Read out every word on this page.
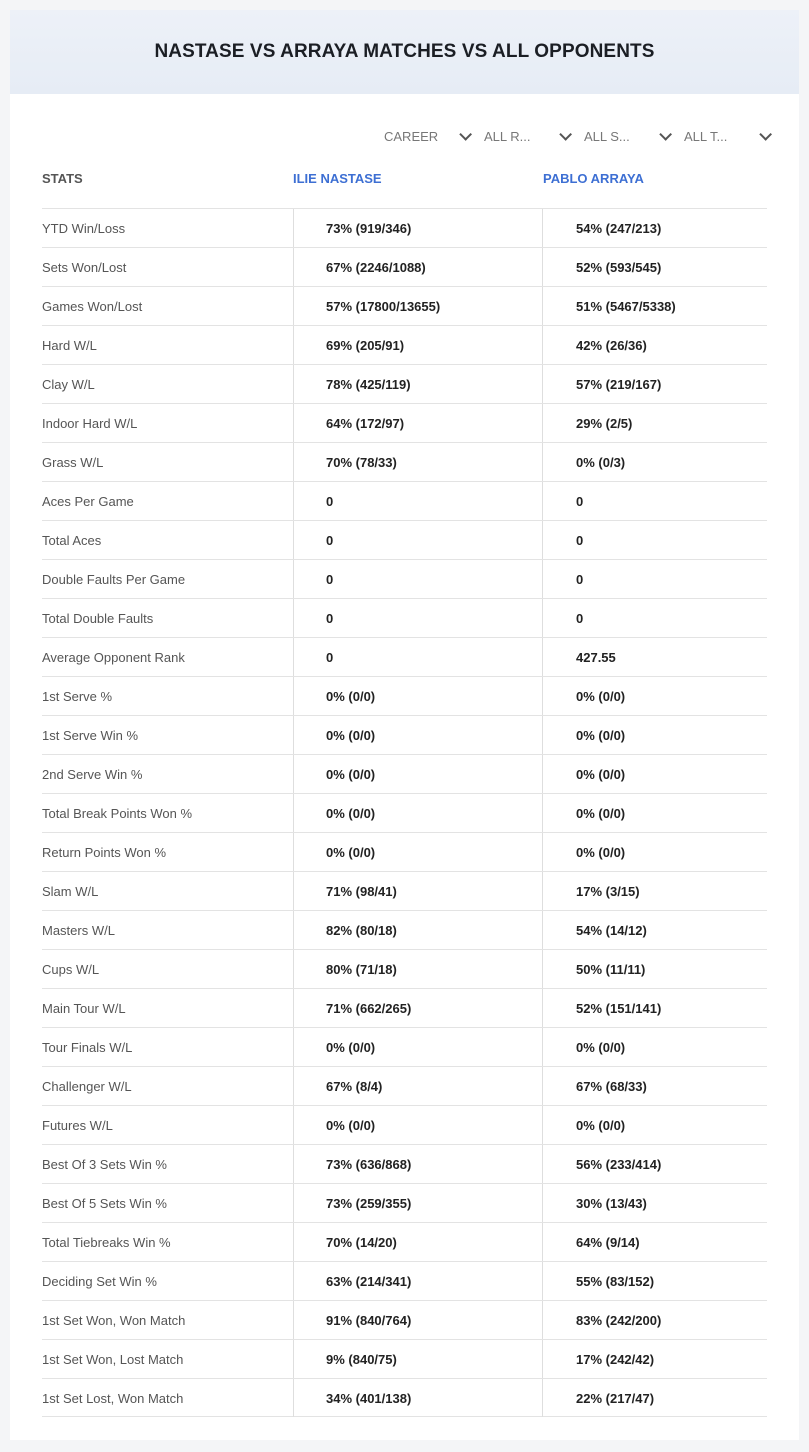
NASTASE VS ARRAYA MATCHES VS ALL OPPONENTS
CAREER	ALL R...	ALL S...	ALL T...
STATS	ILIE NASTASE	PABLO ARRAYA
YTD Win/Loss	73% (919/346)	54% (247/213)
Sets Won/Lost	67% (2246/1088)	52% (593/545)
Games Won/Lost	57% (17800/13655)	51% (5467/5338)
Hard W/L	69% (205/91)	42% (26/36)
Clay W/L	78% (425/119)	57% (219/167)
Indoor Hard W/L	64% (172/97)	29% (2/5)
Grass W/L	70% (78/33)	0% (0/3)
Aces Per Game	0	0
Total Aces	0	0
Double Faults Per Game	0	0
Total Double Faults	0	0
Average Opponent Rank	0	427.55
1st Serve %	0% (0/0)	0% (0/0)
1st Serve Win %	0% (0/0)	0% (0/0)
2nd Serve Win %	0% (0/0)	0% (0/0)
Total Break Points Won %	0% (0/0)	0% (0/0)
Return Points Won %	0% (0/0)	0% (0/0)
Slam W/L	71% (98/41)	17% (3/15)
Masters W/L	82% (80/18)	54% (14/12)
Cups W/L	80% (71/18)	50% (11/11)
Main Tour W/L	71% (662/265)	52% (151/141)
Tour Finals W/L	0% (0/0)	0% (0/0)
Challenger W/L	67% (8/4)	67% (68/33)
Futures W/L	0% (0/0)	0% (0/0)
Best Of 3 Sets Win %	73% (636/868)	56% (233/414)
Best Of 5 Sets Win %	73% (259/355)	30% (13/43)
Total Tiebreaks Win %	70% (14/20)	64% (9/14)
Deciding Set Win %	63% (214/341)	55% (83/152)
1st Set Won, Won Match	91% (840/764)	83% (242/200)
1st Set Won, Lost Match	9% (840/75)	17% (242/42)
1st Set Lost, Won Match	34% (401/138)	22% (217/47)
